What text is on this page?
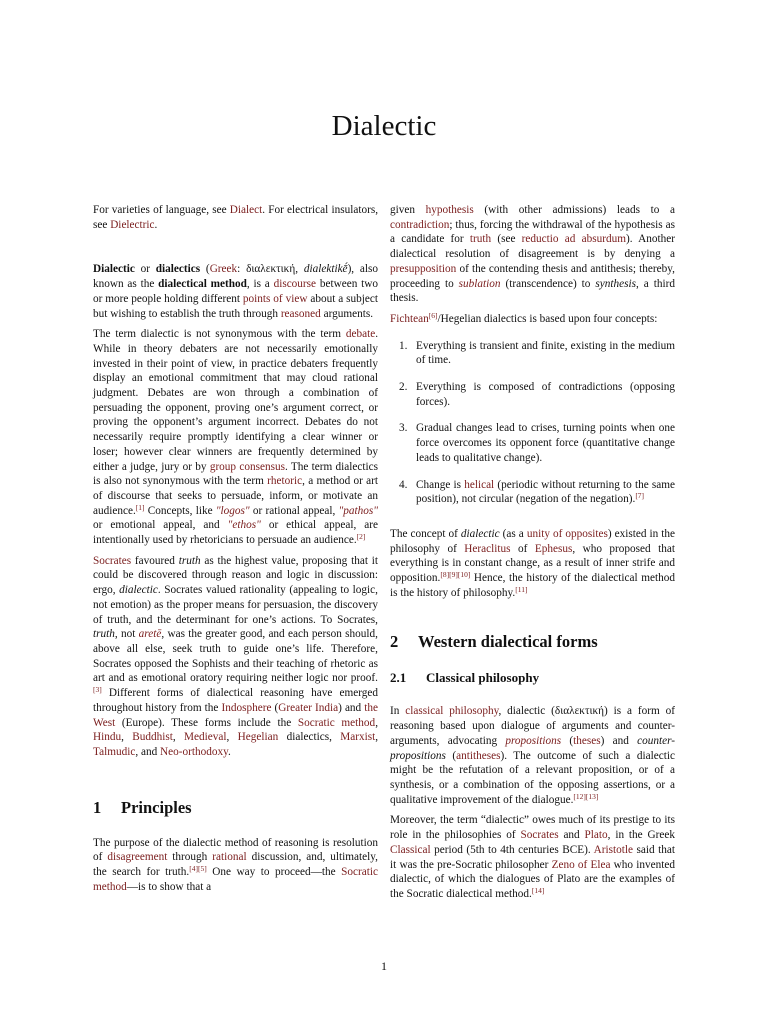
Dialectic

For varieties of language, see Dialect. For electrical insulators, see Dielectric.

Dialectic or dialectics (Greek: διαλεκτική, dialektikḗ), also known as the dialectical method, is a discourse between two or more people holding different points of view about a subject but wishing to establish the truth through reasoned arguments.

The term dialectic is not synonymous with the term debate. While in theory debaters are not necessarily emotionally invested in their point of view, in practice debaters frequently display an emotional commitment that may cloud rational judgment. Debates are won through a combination of persuading the opponent, proving one’s argument correct, or proving the opponent’s argument incorrect. Debates do not necessarily require promptly identifying a clear winner or loser; however clear winners are frequently determined by either a judge, jury or by group consensus. The term dialectics is also not synonymous with the term rhetoric, a method or art of discourse that seeks to persuade, inform, or motivate an audience.[1] Concepts, like "logos" or rational appeal, "pathos" or emotional appeal, and "ethos" or ethical appeal, are intentionally used by rhetoricians to persuade an audience.[2]

Socrates favoured truth as the highest value, proposing that it could be discovered through reason and logic in discussion: ergo, dialectic. Socrates valued rationality (appealing to logic, not emotion) as the proper means for persuasion, the discovery of truth, and the determinant for one’s actions. To Socrates, truth, not aretē, was the greater good, and each person should, above all else, seek truth to guide one’s life. Therefore, Socrates opposed the Sophists and their teaching of rhetoric as art and as emotional oratory requiring neither logic nor proof.[3] Different forms of dialectical reasoning have emerged throughout history from the Indosphere (Greater India) and the West (Europe). These forms include the Socratic method, Hindu, Buddhist, Medieval, Hegelian dialectics, Marxist, Talmudic, and Neo-orthodoxy.

1 Principles

The purpose of the dialectic method of reasoning is resolution of disagreement through rational discussion, and, ultimately, the search for truth.[4][5] One way to proceed—the Socratic method—is to show that a

given hypothesis (with other admissions) leads to a contradiction; thus, forcing the withdrawal of the hypothesis as a candidate for truth (see reductio ad absurdum). Another dialectical resolution of disagreement is by denying a presupposition of the contending thesis and antithesis; thereby, proceeding to sublation (transcendence) to synthesis, a third thesis.

Fichtean[6]/Hegelian dialectics is based upon four concepts:

1. Everything is transient and finite, existing in the medium of time.
2. Everything is composed of contradictions (opposing forces).
3. Gradual changes lead to crises, turning points when one force overcomes its opponent force (quantitative change leads to qualitative change).
4. Change is helical (periodic without returning to the same position), not circular (negation of the negation).[7]

The concept of dialectic (as a unity of opposites) existed in the philosophy of Heraclitus of Ephesus, who proposed that everything is in constant change, as a result of inner strife and opposition.[8][9][10] Hence, the history of the dialectical method is the history of philosophy.[11]

2 Western dialectical forms
2.1 Classical philosophy

In classical philosophy, dialectic (διαλεκτική) is a form of reasoning based upon dialogue of arguments and counter-arguments, advocating propositions (theses) and counter-propositions (antitheses). The outcome of such a dialectic might be the refutation of a relevant proposition, or of a synthesis, or a combination of the opposing assertions, or a qualitative improvement of the dialogue.[12][13]

Moreover, the term “dialectic” owes much of its prestige to its role in the philosophies of Socrates and Plato, in the Greek Classical period (5th to 4th centuries BCE). Aristotle said that it was the pre-Socratic philosopher Zeno of Elea who invented dialectic, of which the dialogues of Plato are the examples of the Socratic dialectical method.[14]

1
